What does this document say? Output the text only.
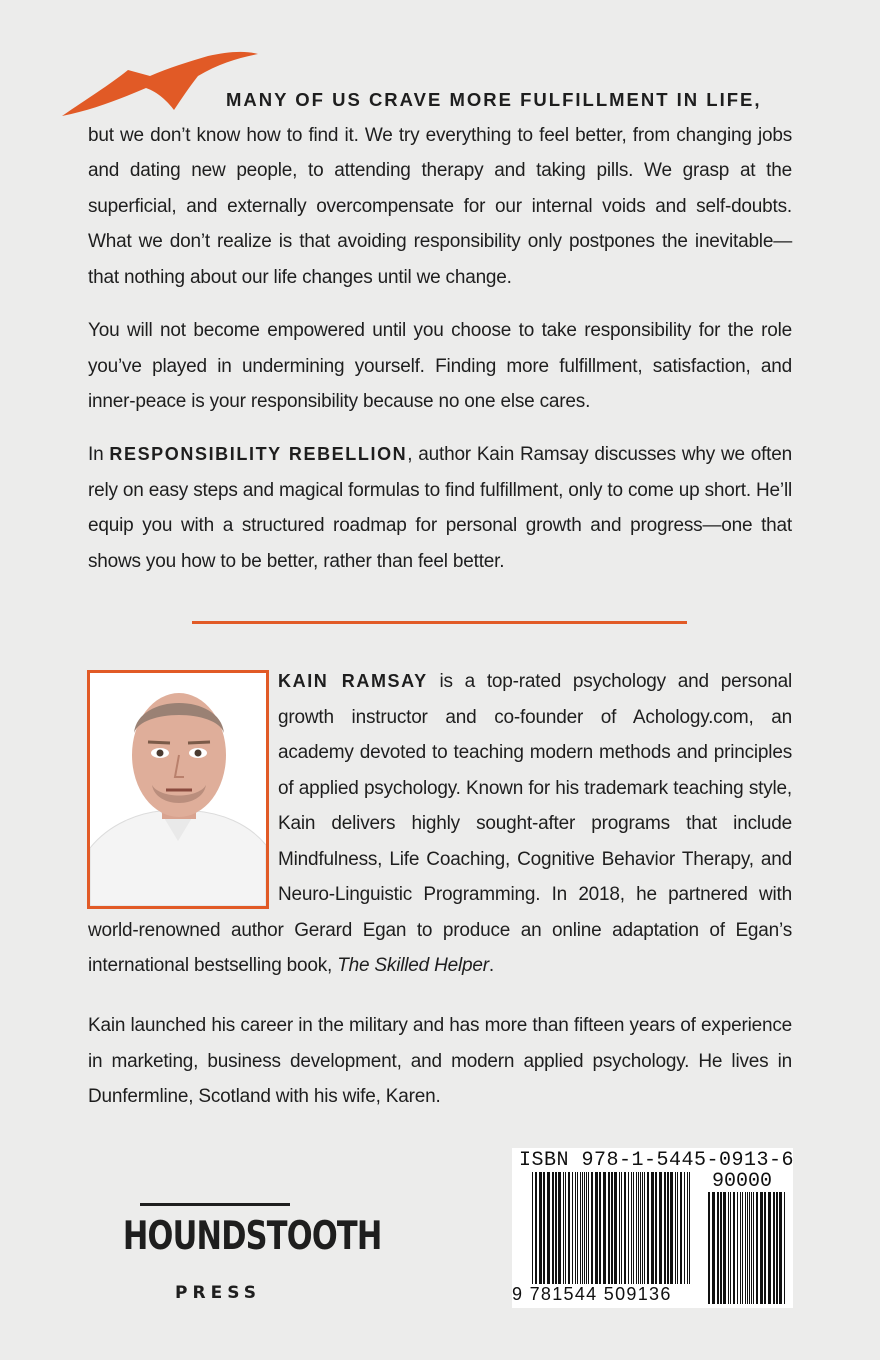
MANY OF US CRAVE MORE FULFILLMENT IN LIFE,
but we don’t know how to find it. We try everything to feel better, from changing jobs and dating new people, to attending therapy and taking pills. We grasp at the superficial, and externally overcompensate for our internal voids and self-doubts. What we don’t realize is that avoiding responsibility only postpones the inevitable—that nothing about our life changes until we change.

You will not become empowered until you choose to take responsibility for the role you’ve played in undermining yourself. Finding more fulfillment, satisfaction, and inner-peace is your responsibility because no one else cares.

In RESPONSIBILITY REBELLION, author Kain Ramsay discusses why we often rely on easy steps and magical formulas to find fulfillment, only to come up short. He’ll equip you with a structured roadmap for personal growth and progress—one that shows you how to be better, rather than feel better.

KAIN RAMSAY is a top-rated psychology and personal growth instructor and co-founder of Achology.com, an academy devoted to teaching modern methods and principles of applied psychology. Known for his trademark teaching style, Kain delivers highly sought-after programs that include Mindfulness, Life Coaching, Cognitive Behavior Therapy, and Neuro-Linguistic Programming. In 2018, he partnered with world-renowned author Gerard Egan to produce an online adaptation of Egan’s international bestselling book, The Skilled Helper.

Kain launched his career in the military and has more than fifteen years of experience in marketing, business development, and modern applied psychology. He lives in Dunfermline, Scotland with his wife, Karen.

HOUNDSTOOTH
PRESS
ISBN 978-1-5445-0913-6
90000
9 781544 509136
